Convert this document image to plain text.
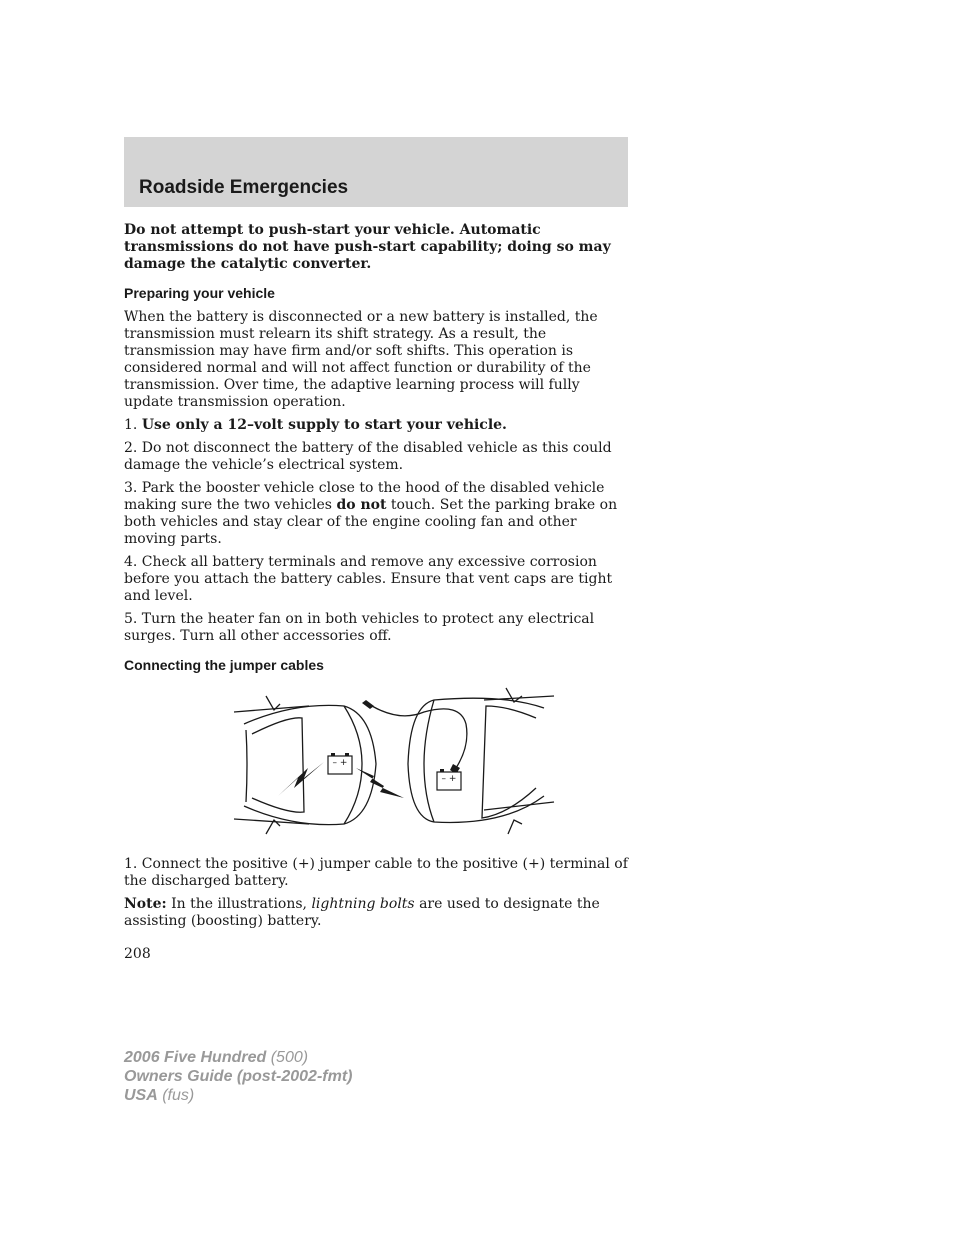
Roadside Emergencies

Do not attempt to push-start your vehicle. Automatic transmissions do not have push-start capability; doing so may damage the catalytic converter.

Preparing your vehicle

When the battery is disconnected or a new battery is installed, the transmission must relearn its shift strategy. As a result, the transmission may have firm and/or soft shifts. This operation is considered normal and will not affect function or durability of the transmission. Over time, the adaptive learning process will fully update transmission operation.

1. Use only a 12–volt supply to start your vehicle.

2. Do not disconnect the battery of the disabled vehicle as this could damage the vehicle’s electrical system.

3. Park the booster vehicle close to the hood of the disabled vehicle making sure the two vehicles do not touch. Set the parking brake on both vehicles and stay clear of the engine cooling fan and other moving parts.

4. Check all battery terminals and remove any excessive corrosion before you attach the battery cables. Ensure that vent caps are tight and level.

5. Turn the heater fan on in both vehicles to protect any electrical surges. Turn all other accessories off.

Connecting the jumper cables
– +
– +

1. Connect the positive (+) jumper cable to the positive (+) terminal of the discharged battery.

Note: In the illustrations, lightning bolts are used to designate the assisting (boosting) battery.

208

2006 Five Hundred (500)
Owners Guide (post-2002-fmt)
USA (fus)
